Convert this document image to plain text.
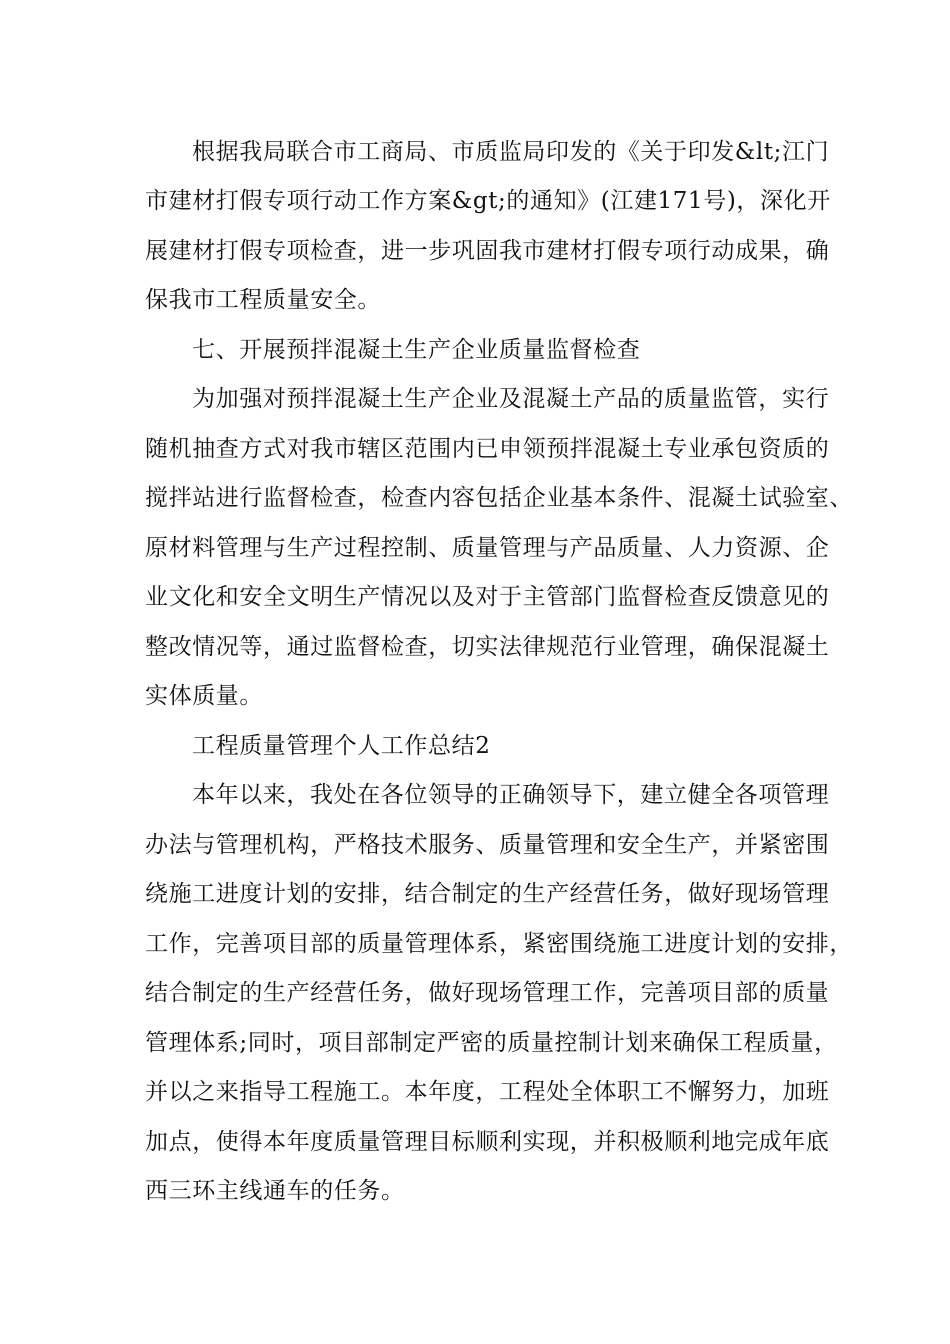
根据我局联合市工商局、市质监局印发的《关于印发&lt;江门
市建材打假专项行动工作方案&gt;的通知》(江建171号)，深化开
展建材打假专项检查，进一步巩固我市建材打假专项行动成果，确
保我市工程质量安全。
七、开展预拌混凝土生产企业质量监督检查
为加强对预拌混凝土生产企业及混凝土产品的质量监管，实行
随机抽查方式对我市辖区范围内已申领预拌混凝土专业承包资质的
搅拌站进行监督检查，检查内容包括企业基本条件、混凝土试验室、
原材料管理与生产过程控制、质量管理与产品质量、人力资源、企
业文化和安全文明生产情况以及对于主管部门监督检查反馈意见的
整改情况等，通过监督检查，切实法律规范行业管理，确保混凝土
实体质量。
工程质量管理个人工作总结2
本年以来，我处在各位领导的正确领导下，建立健全各项管理
办法与管理机构，严格技术服务、质量管理和安全生产，并紧密围
绕施工进度计划的安排，结合制定的生产经营任务，做好现场管理
工作，完善项目部的质量管理体系，紧密围绕施工进度计划的安排，
结合制定的生产经营任务，做好现场管理工作，完善项目部的质量
管理体系;同时，项目部制定严密的质量控制计划来确保工程质量，
并以之来指导工程施工。本年度，工程处全体职工不懈努力，加班
加点，使得本年度质量管理目标顺利实现，并积极顺利地完成年底
西三环主线通车的任务。
